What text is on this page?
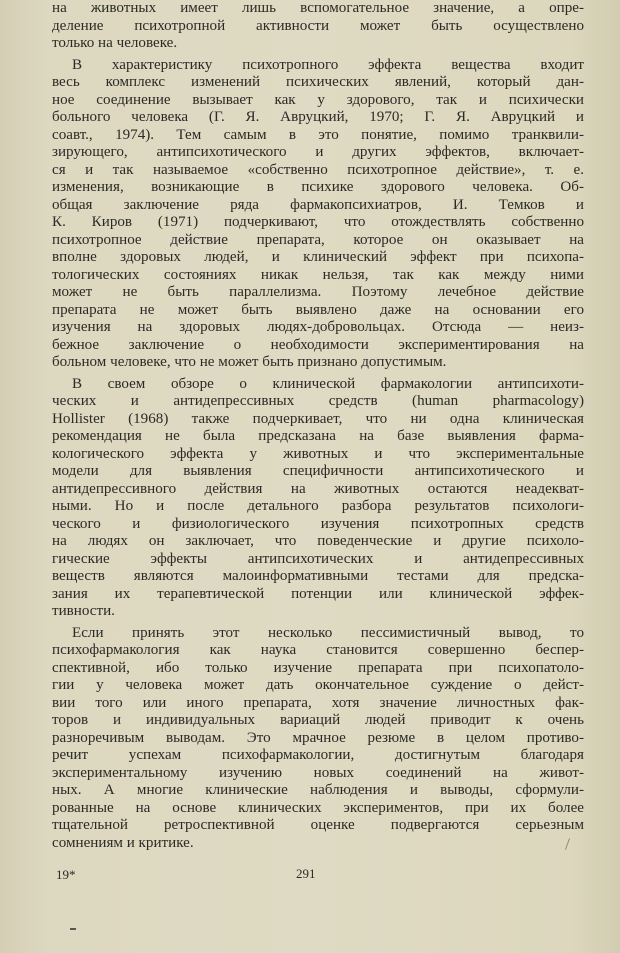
на животных имеет лишь вспомогательное значение, а опре-
деление психотропной активности может быть осуществлено
только на человеке.
В характеристику психотропного эффекта вещества входит
весь комплекс изменений психических явлений, который дан-
ное соединение вызывает как у здорового, так и психически
больного человека (Г. Я. Авруцкий, 1970; Г. Я. Авруцкий и
соавт., 1974). Тем самым в это понятие, помимо транквили-
зирующего, антипсихотического и других эффектов, включает-
ся и так называемое «собственно психотропное действие», т. е.
изменения, возникающие в психике здорового человека. Об-
общая заключение ряда фармакопсихиатров, И. Темков и
К. Киров (1971) подчеркивают, что отождествлять собственно
психотропное действие препарата, которое он оказывает на
вполне здоровых людей, и клинический эффект при психопа-
тологических состояниях никак нельзя, так как между ними
может не быть параллелизма. Поэтому лечебное действие
препарата не может быть выявлено даже на основании его
изучения на здоровых людях-добровольцах. Отсюда — неиз-
бежное заключение о необходимости экспериментирования на
больном человеке, что не может быть признано допустимым.
В своем обзоре о клинической фармакологии антипсихоти-
ческих и антидепрессивных средств (human pharmacology)
Hollister (1968) также подчеркивает, что ни одна клиническая
рекомендация не была предсказана на базе выявления фарма-
кологического эффекта у животных и что экспериментальные
модели для выявления специфичности антипсихотического и
антидепрессивного действия на животных остаются неадекват-
ными. Но и после детального разбора результатов психологи-
ческого и физиологического изучения психотропных средств
на людях он заключает, что поведенческие и другие психоло-
гические эффекты антипсихотических и антидепрессивных
веществ являются малоинформативными тестами для предска-
зания их терапевтической потенции или клинической эффек-
тивности.
Если принять этот несколько пессимистичный вывод, то
психофармакология как наука становится совершенно беспер-
спективной, ибо только изучение препарата при психопатоло-
гии у человека может дать окончательное суждение о дейст-
вии того или иного препарата, хотя значение личностных фак-
торов и индивидуальных вариаций людей приводит к очень
разноречивым выводам. Это мрачное резюме в целом противо-
речит успехам психофармакологии, достигнутым благодаря
экспериментальному изучению новых соединений на живот-
ных. А многие клинические наблюдения и выводы, сформули-
рованные на основе клинических экспериментов, при их более
тщательной ретроспективной оценке подвергаются серьезным
сомнениям и критике.
19*	291
